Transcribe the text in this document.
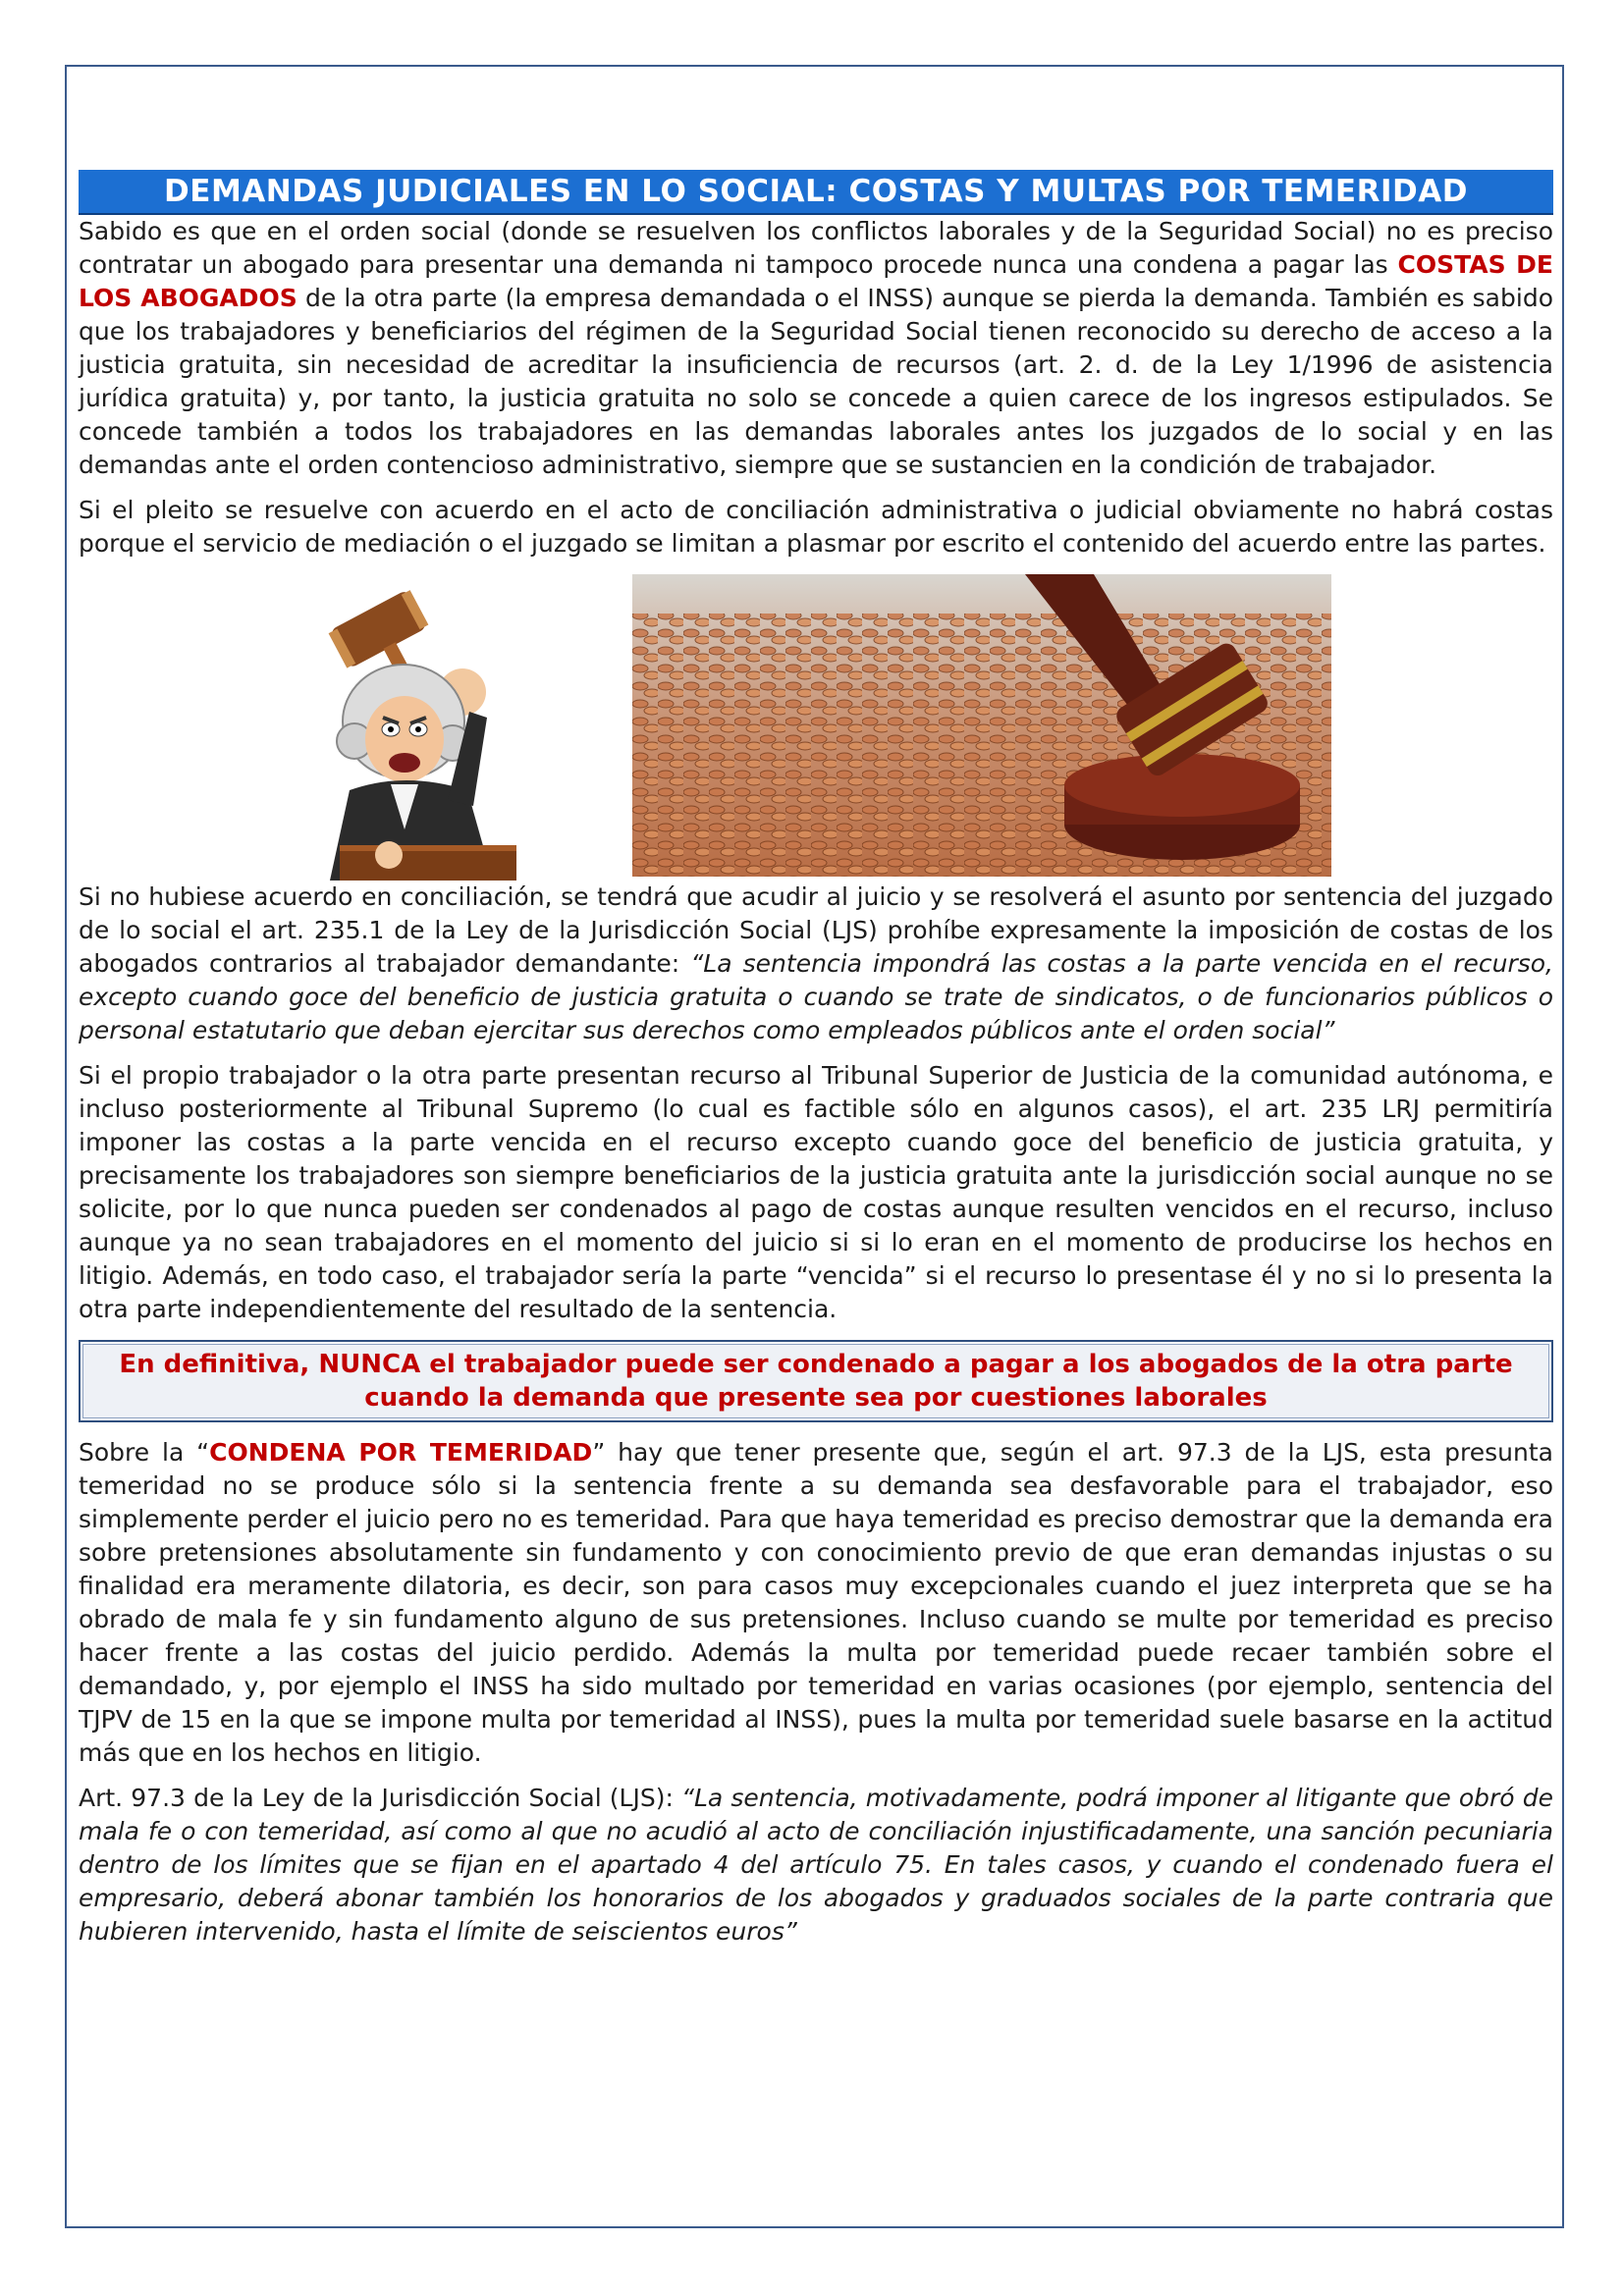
DEMANDAS JUDICIALES EN LO SOCIAL: COSTAS Y MULTAS POR TEMERIDAD

Sabido es que en el orden social (donde se resuelven los conflictos laborales y de la Seguridad Social) no es preciso contratar un abogado para presentar una demanda ni tampoco procede nunca una condena a pagar las COSTAS DE LOS ABOGADOS de la otra parte (la empresa demandada o el INSS) aunque se pierda la demanda. También es sabido que los trabajadores y beneficiarios del régimen de la Seguridad Social tienen reconocido su derecho de acceso a la justicia gratuita, sin necesidad de acreditar la insuficiencia de recursos (art. 2. d. de la Ley 1/1996 de asistencia jurídica gratuita) y, por tanto, la justicia gratuita no solo se concede a quien carece de los ingresos estipulados. Se concede también a todos los trabajadores en las demandas laborales antes los juzgados de lo social y en las demandas ante el orden contencioso administrativo, siempre que se sustancien en la condición de trabajador.

Si el pleito se resuelve con acuerdo en el acto de conciliación administrativa o judicial obviamente no habrá costas porque el servicio de mediación o el juzgado se limitan a plasmar por escrito el contenido del acuerdo entre las partes.

Si no hubiese acuerdo en conciliación, se tendrá que acudir al juicio y se resolverá el asunto por sentencia del juzgado de lo social el art. 235.1 de la Ley de la Jurisdicción Social (LJS) prohíbe expresamente la imposición de costas de los abogados contrarios al trabajador demandante: “La sentencia impondrá las costas a la parte vencida en el recurso, excepto cuando goce del beneficio de justicia gratuita o cuando se trate de sindicatos, o de funcionarios públicos o personal estatutario que deban ejercitar sus derechos como empleados públicos ante el orden social”

Si el propio trabajador o la otra parte presentan recurso al Tribunal Superior de Justicia de la comunidad autónoma, e incluso posteriormente al Tribunal Supremo (lo cual es factible sólo en algunos casos), el art. 235 LRJ permitiría imponer las costas a la parte vencida en el recurso excepto cuando goce del beneficio de justicia gratuita, y precisamente los trabajadores son siempre beneficiarios de la justicia gratuita ante la jurisdicción social aunque no se solicite, por lo que nunca pueden ser condenados al pago de costas aunque resulten vencidos en el recurso, incluso aunque ya no sean trabajadores en el momento del juicio si si lo eran en el momento de producirse los hechos en litigio. Además, en todo caso, el trabajador sería la parte “vencida” si el recurso lo presentase él y no si lo presenta la otra parte independientemente del resultado de la sentencia.

En definitiva, NUNCA el trabajador puede ser condenado a pagar a los abogados de la otra parte cuando la demanda que presente sea por cuestiones laborales

Sobre la “CONDENA POR TEMERIDAD” hay que tener presente que, según el art. 97.3 de la LJS, esta presunta temeridad no se produce sólo si la sentencia frente a su demanda sea desfavorable para el trabajador, eso simplemente perder el juicio pero no es temeridad. Para que haya temeridad es preciso demostrar que la demanda era sobre pretensiones absolutamente sin fundamento y con conocimiento previo de que eran demandas injustas o su finalidad era meramente dilatoria, es decir, son para casos muy excepcionales cuando el juez interpreta que se ha obrado de mala fe y sin fundamento alguno de sus pretensiones. Incluso cuando se multe por temeridad es preciso hacer frente a las costas del juicio perdido. Además la multa por temeridad puede recaer también sobre el demandado, y, por ejemplo el INSS ha sido multado por temeridad en varias ocasiones (por ejemplo, sentencia del TJPV de 15 en la que se impone multa por temeridad al INSS), pues la multa por temeridad suele basarse en la actitud más que en los hechos en litigio.

Art. 97.3 de la Ley de la Jurisdicción Social (LJS): “La sentencia, motivadamente, podrá imponer al litigante que obró de mala fe o con temeridad, así como al que no acudió al acto de conciliación injustificadamente, una sanción pecuniaria dentro de los límites que se fijan en el apartado 4 del artículo 75. En tales casos, y cuando el condenado fuera el empresario, deberá abonar también los honorarios de los abogados y graduados sociales de la parte contraria que hubieren intervenido, hasta el límite de seiscientos euros”
